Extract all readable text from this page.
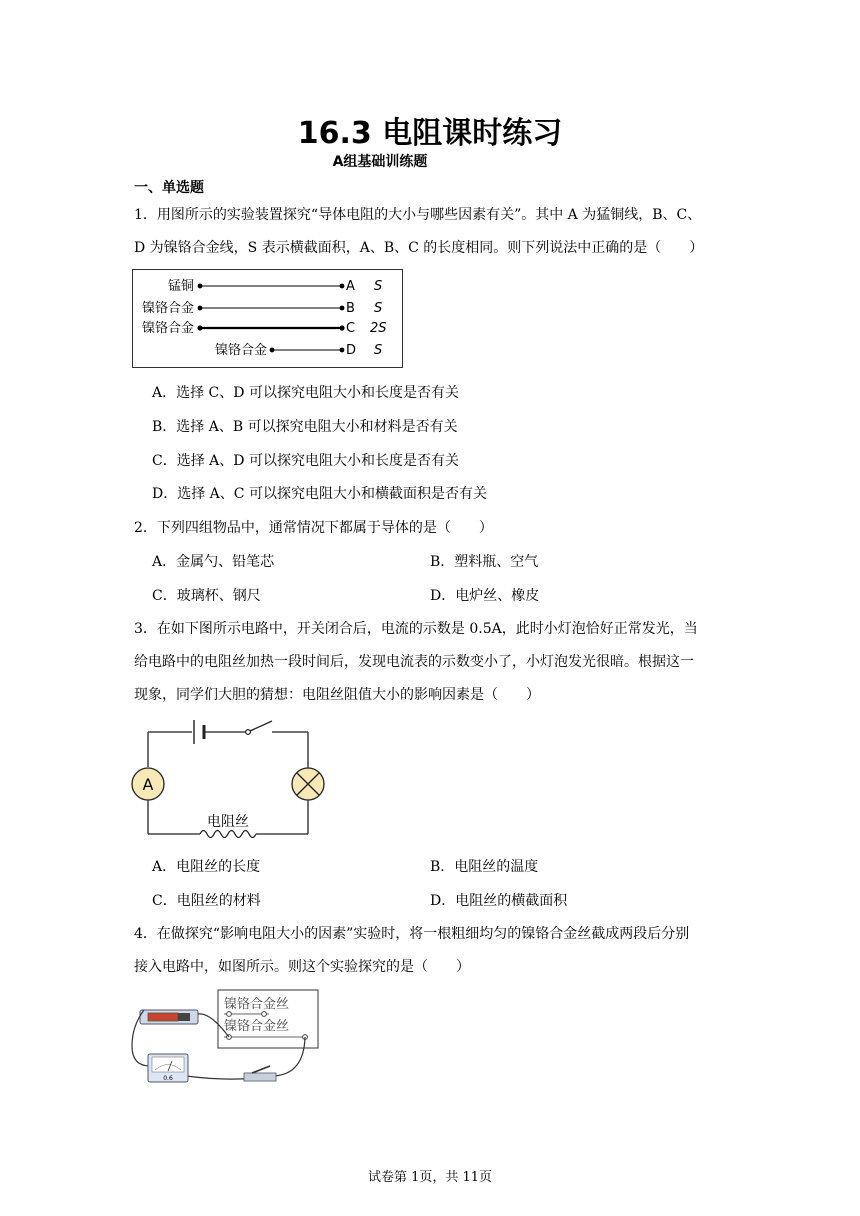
16.3 电阻课时练习
A组基础训练题
一、单选题
1．用图所示的实验装置探究“导体电阻的大小与哪些因素有关”。其中 A 为猛铜线，B、C、
D 为镍铬合金线，S 表示横截面积，A、B、C 的长度相同。则下列说法中正确的是（　　）
锰铜	A S
镍铬合金	B S
镍铬合金	C 2S
镍铬合金	D S
A．选择 C、D 可以探究电阻大小和长度是否有关
B．选择 A、B 可以探究电阻大小和材料是否有关
C．选择 A、D 可以探究电阻大小和长度是否有关
D．选择 A、C 可以探究电阻大小和横截面积是否有关
2．下列四组物品中，通常情况下都属于导体的是（　　）
A．金属勺、铅笔芯	B．塑料瓶、空气
C．玻璃杯、钢尺	D．电炉丝、橡皮
3．在如下图所示电路中，开关闭合后，电流的示数是 0.5A，此时小灯泡恰好正常发光，当
给电路中的电阻丝加热一段时间后，发现电流表的示数变小了，小灯泡发光很暗。根据这一
现象，同学们大胆的猜想：电阻丝阻值大小的影响因素是（　　）
A
电阻丝
A．电阻丝的长度	B．电阻丝的温度
C．电阻丝的材料	D．电阻丝的横截面积
4．在做探究“影响电阻大小的因素”实验时，将一根粗细均匀的镍铬合金丝截成两段后分别
接入电路中，如图所示。则这个实验探究的是（　　）
镍铬合金丝
镍铬合金丝
0.6
试卷第 1页，共 11页
